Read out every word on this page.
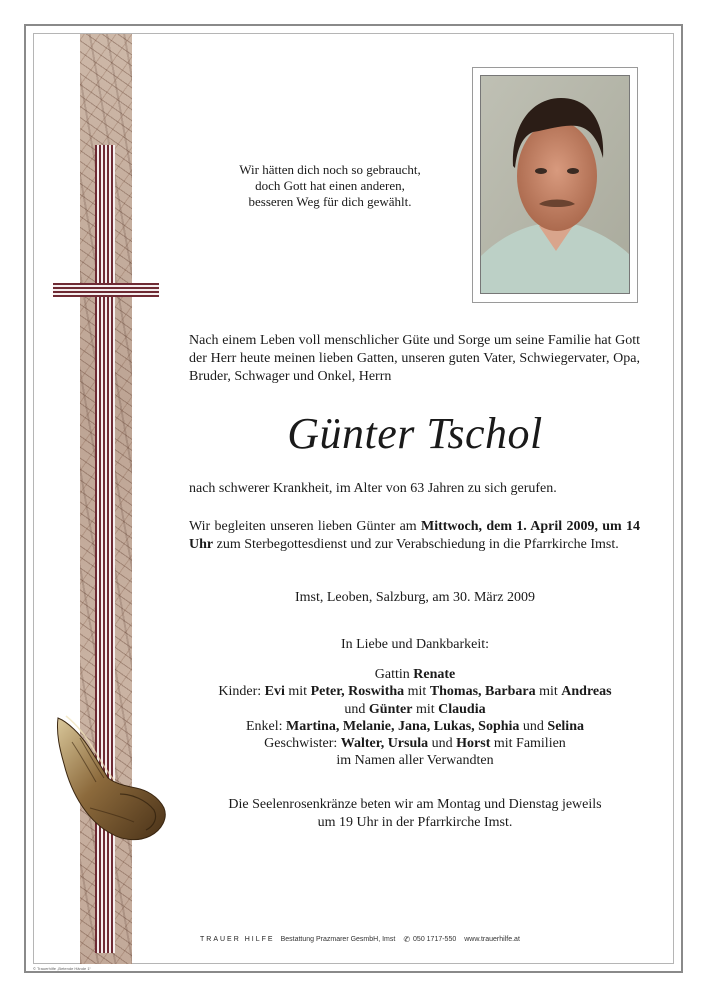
Wir hätten dich noch so gebraucht,
doch Gott hat einen anderen,
besseren Weg für dich gewählt.
Nach einem Leben voll menschlicher Güte und Sorge um seine Familie hat Gott der Herr heute meinen lieben Gatten, unseren guten Vater, Schwiegervater, Opa, Bruder, Schwager und Onkel, Herrn
Günter Tschol
nach schwerer Krankheit, im Alter von 63 Jahren zu sich gerufen.
Wir begleiten unseren lieben Günter am Mittwoch, dem 1. April 2009, um 14 Uhr zum Sterbegottesdienst und zur Verabschiedung in die Pfarrkirche Imst.
Imst, Leoben, Salzburg, am 30. März 2009
In Liebe und Dankbarkeit:
Gattin Renate
Kinder: Evi mit Peter, Roswitha mit Thomas, Barbara mit Andreas
und Günter mit Claudia
Enkel: Martina, Melanie, Jana, Lukas, Sophia und Selina
Geschwister: Walter, Ursula und Horst mit Familien
im Namen aller Verwandten
Die Seelenrosenkränze beten wir am Montag und Dienstag jeweils
um 19 Uhr in der Pfarrkirche Imst.
TRAUER HILFE Bestattung Prazmarer GesmbH, Imst ✆ 050 1717-550 www.trauerhilfe.at
© Trauerhilfe „Betende Hände 1“
